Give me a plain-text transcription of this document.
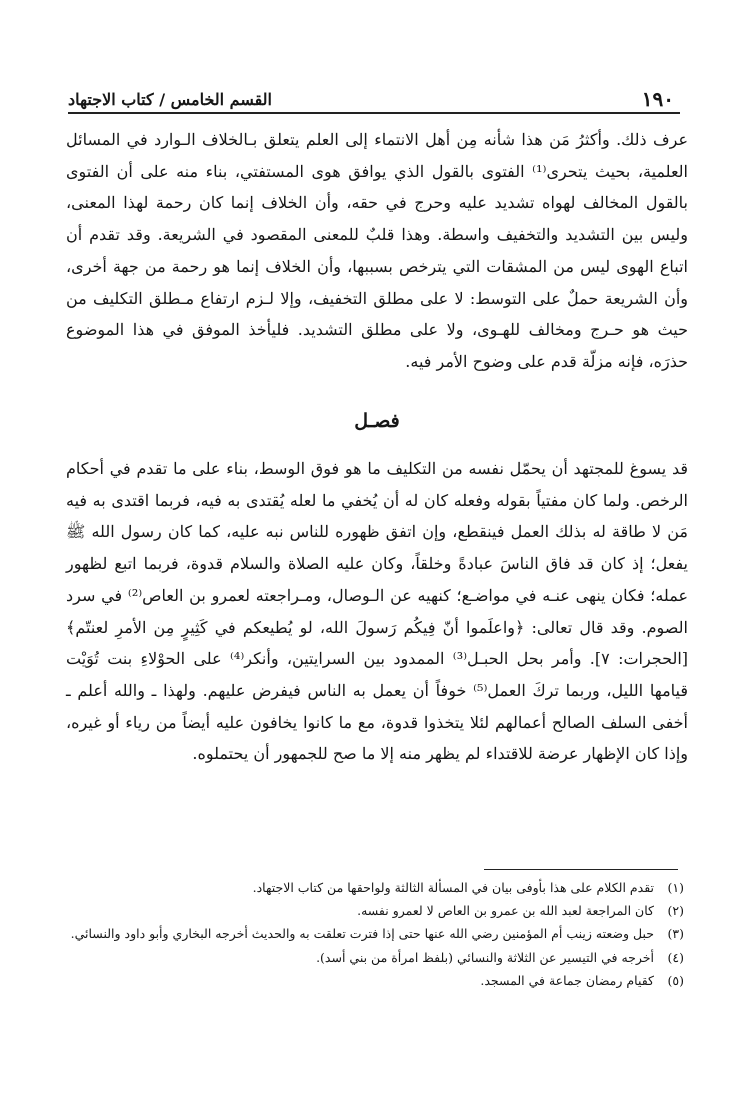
١٩٠
القسم الخامس / كتاب الاجتهاد

عرف ذلك. وأكثرُ مَن هذا شأنه مِن أهل الانتماء إلى العلم يتعلق بـالخلاف الـوارد في المسائل العلمية، بحيث يتحرى⁽¹⁾ الفتوى بالقول الذي يوافق هوى المستفتي، بناء منه على أن الفتوى بالقول المخالف لهواه تشديد عليه وحرج في حقه، وأن الخلاف إنما كان رحمة لهذا المعنى، وليس بين التشديد والتخفيف واسطة. وهذا قلبٌ للمعنى المقصود في الشريعة. وقد تقدم أن اتباع الهوى ليس من المشقات التي يترخص بسببها، وأن الخلاف إنما هو رحمة من جهة أخرى، وأن الشريعة حملٌ على التوسط: لا على مطلق التخفيف، وإلا لـزم ارتفاع مـطلق التكليف من حيث هو حـرج ومخالف للهـوى، ولا على مطلق التشديد. فليأخذ الموفق في هذا الموضوع حذرَه، فإنه مزلّة قدم على وضوح الأمر فيه.

فصـل

قد يسوغ للمجتهد أن يحمّل نفسه من التكليف ما هو فوق الوسط، بناء على ما تقدم في أحكام الرخص. ولما كان مفتياً بقوله وفعله كان له أن يُخفي ما لعله يُقتدى به فيه، فربما اقتدى به فيه مَن لا طاقة له بذلك العمل فينقطع، وإن اتفق ظهوره للناس نبه عليه، كما كان رسول الله ﷺ يفعل؛ إذ كان قد فاق الناسَ عبادةً وخلقاً، وكان عليه الصلاة والسلام قدوة، فربما اتبع لظهور عمله؛ فكان ينهى عنـه في مواضـع؛ كنهيه عن الـوصال، ومـراجعته لعمرو بن العاص⁽²⁾ في سرد الصوم. وقد قال تعالى: ﴿واعلَموا أنّ فِيكُم رَسولَ الله، لو يُطيعكم في كَثِيرٍ مِن الأمرِ لعنتّم﴾ [الحجرات: ٧]. وأمر بحل الحبـل⁽³⁾ الممدود بين السرايتين، وأنكر⁽⁴⁾ على الحوْلاءِ بنت تُوَيْت قيامها الليل، وربما تركَ العمل⁽⁵⁾ خوفاً أن يعمل به الناس فيفرض عليهم. ولهذا ـ والله أعلم ـ أخفى السلف الصالح أعمالهم لئلا يتخذوا قدوة، مع ما كانوا يخافون عليه أيضاً من رياء أو غيره، وإذا كان الإظهار عرضة للاقتداء لم يظهر منه إلا ما صح للجمهور أن يحتملوه.

(١)
تقدم الكلام على هذا بأوفى بيان في المسألة الثالثة ولواحقها من كتاب الاجتهاد.
(٢)
كان المراجعة لعبد الله بن عمرو بن العاص لا لعمرو نفسه.
(٣)
حبل وضعته زينب أم المؤمنين رضي الله عنها حتى إذا فترت تعلقت به والحديث أخرجه البخاري وأبو داود والنسائي.
(٤)
أخرجه في التيسير عن الثلاثة والنسائي (بلفظ امرأة من بني أسد).
(٥)
كقيام رمضان جماعة في المسجد.
